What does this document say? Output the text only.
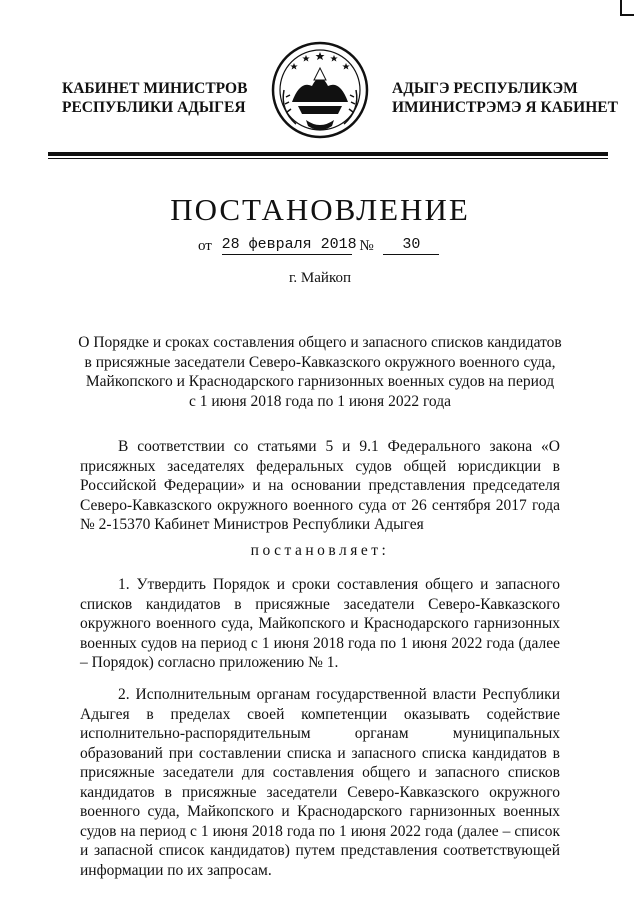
КАБИНЕТ МИНИСТРОВ
РЕСПУБЛИКИ АДЫГЕЯ
АДЫГЭ РЕСПУБЛИКЭМ
ИМИНИСТРЭМЭ Я КАБИНЕТ
ПОСТАНОВЛЕНИЕ
от 28 февраля 2018 № 30
г. Майкоп
О Порядке и сроках составления общего и запасного списков кандидатов
в присяжные заседатели Северо-Кавказского окружного военного суда,
Майкопского и Краснодарского гарнизонных военных судов на период
с 1 июня 2018 года по 1 июня 2022 года
В соответствии со статьями 5 и 9.1 Федерального закона «О присяжных заседателях федеральных судов общей юрисдикции в Российской Федерации» и на основании представления председателя Северо-Кавказского окружного военного суда от 26 сентября 2017 года № 2-15370 Кабинет Министров Республики Адыгея
постановляет:
1. Утвердить Порядок и сроки составления общего и запасного списков кандидатов в присяжные заседатели Северо-Кавказского окружного военного суда, Майкопского и Краснодарского гарнизонных военных судов на период с 1 июня 2018 года по 1 июня 2022 года (далее – Порядок) согласно приложению № 1.
2. Исполнительным органам государственной власти Республики Адыгея в пределах своей компетенции оказывать содействие исполнительно-распорядительным органам муниципальных образований при составлении списка и запасного списка кандидатов в присяжные заседатели для составления общего и запасного списков кандидатов в присяжные заседатели Северо-Кавказского окружного военного суда, Майкопского и Краснодарского гарнизонных военных судов на период с 1 июня 2018 года по 1 июня 2022 года (далее – список и запасной список кандидатов) путем представления соответствующей информации по их запросам.
